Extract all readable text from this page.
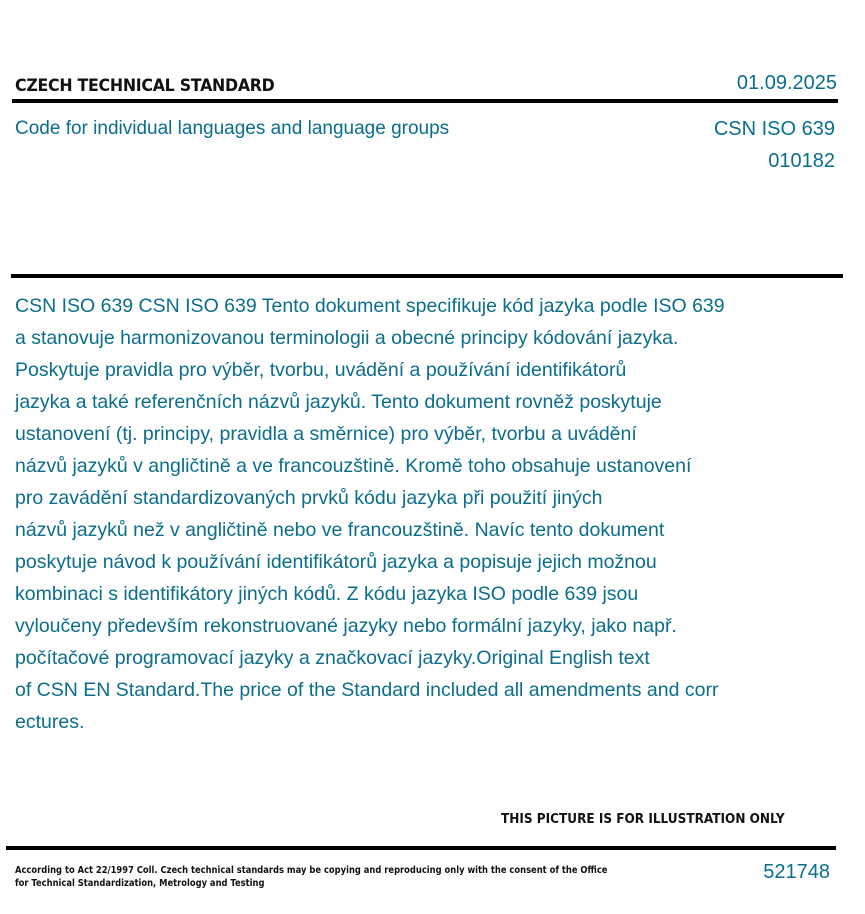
CZECH TECHNICAL STANDARD	01.09.2025
Code for individual languages and language groups	CSN ISO 639
010182
CSN ISO 639 CSN ISO 639 Tento dokument specifikuje kód jazyka podle ISO 639
a stanovuje harmonizovanou terminologii a obecné principy kódování jazyka.
Poskytuje pravidla pro výběr, tvorbu, uvádění a používání identifikátorů
jazyka a také referenčních názvů jazyků. Tento dokument rovněž poskytuje
ustanovení (tj. principy, pravidla a směrnice) pro výběr, tvorbu a uvádění
názvů jazyků v angličtině a ve francouzštině. Kromě toho obsahuje ustanovení
pro zavádění standardizovaných prvků kódu jazyka při použití jiných
názvů jazyků než v angličtině nebo ve francouzštině. Navíc tento dokument
poskytuje návod k používání identifikátorů jazyka a popisuje jejich možnou
kombinaci s identifikátory jiných kódů. Z kódu jazyka ISO podle 639 jsou
vyloučeny především rekonstruované jazyky nebo formální jazyky, jako např.
počítačové programovací jazyky a značkovací jazyky.Original English text
of CSN EN Standard.The price of the Standard included all amendments and corr
ectures.
THIS PICTURE IS FOR ILLUSTRATION ONLY
According to Act 22/1997 Coll. Czech technical standards may be copying and reproducing only with the consent of the Office
for Technical Standardization, Metrology and Testing
521748
